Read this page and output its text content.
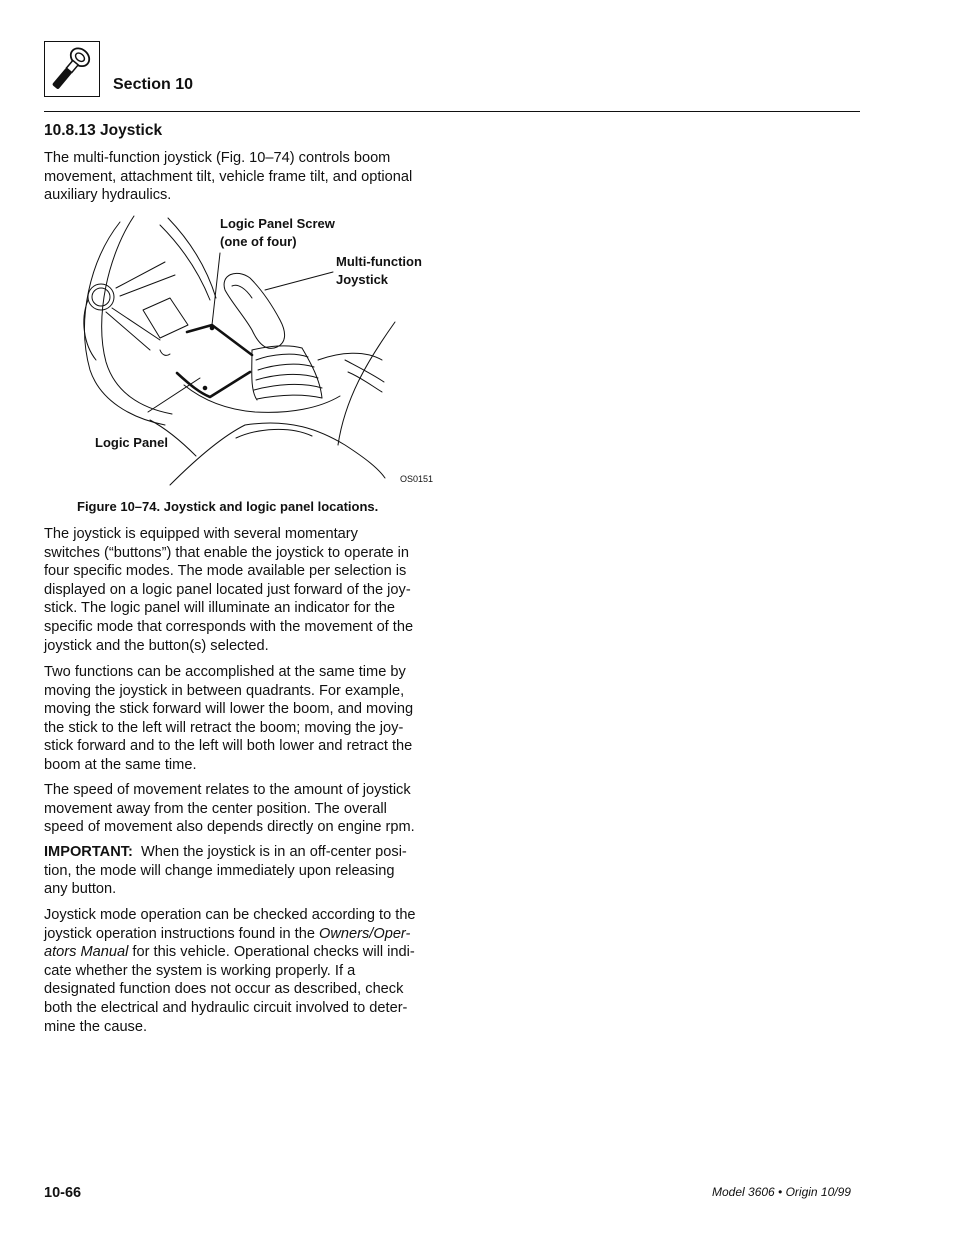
Section 10
10.8.13 Joystick

The multi-function joystick (Fig. 10–74) controls boom

movement, attachment tilt, vehicle frame tilt, and optional

auxiliary hydraulics.

Logic Panel Screw
(one of four)
Multi-function
Joystick
Logic Panel
OS0151
Figure 10–74. Joystick and logic panel locations.

The joystick is equipped with several momentary

switches (“buttons”) that enable the joystick to operate in

four specific modes. The mode available per selection is

displayed on a logic panel located just forward of the joy-

stick. The logic panel will illuminate an indicator for the

specific mode that corresponds with the movement of the

joystick and the button(s) selected.

Two functions can be accomplished at the same time by

moving the joystick in between quadrants. For example,

moving the stick forward will lower the boom, and moving

the stick to the left will retract the boom; moving the joy-

stick forward and to the left will both lower and retract the

boom at the same time.

The speed of movement relates to the amount of joystick

movement away from the center position. The overall

speed of movement also depends directly on engine rpm.

IMPORTANT:  When the joystick is in an off-center posi-

tion, the mode will change immediately upon releasing

any button.

Joystick mode operation can be checked according to the

joystick operation instructions found in the Owners/Oper-

ators Manual for this vehicle. Operational checks will indi-

cate whether the system is working properly. If a

designated function does not occur as described, check

both the electrical and hydraulic circuit involved to deter-

mine the cause.

10-66	Model 3606 • Origin 10/99
